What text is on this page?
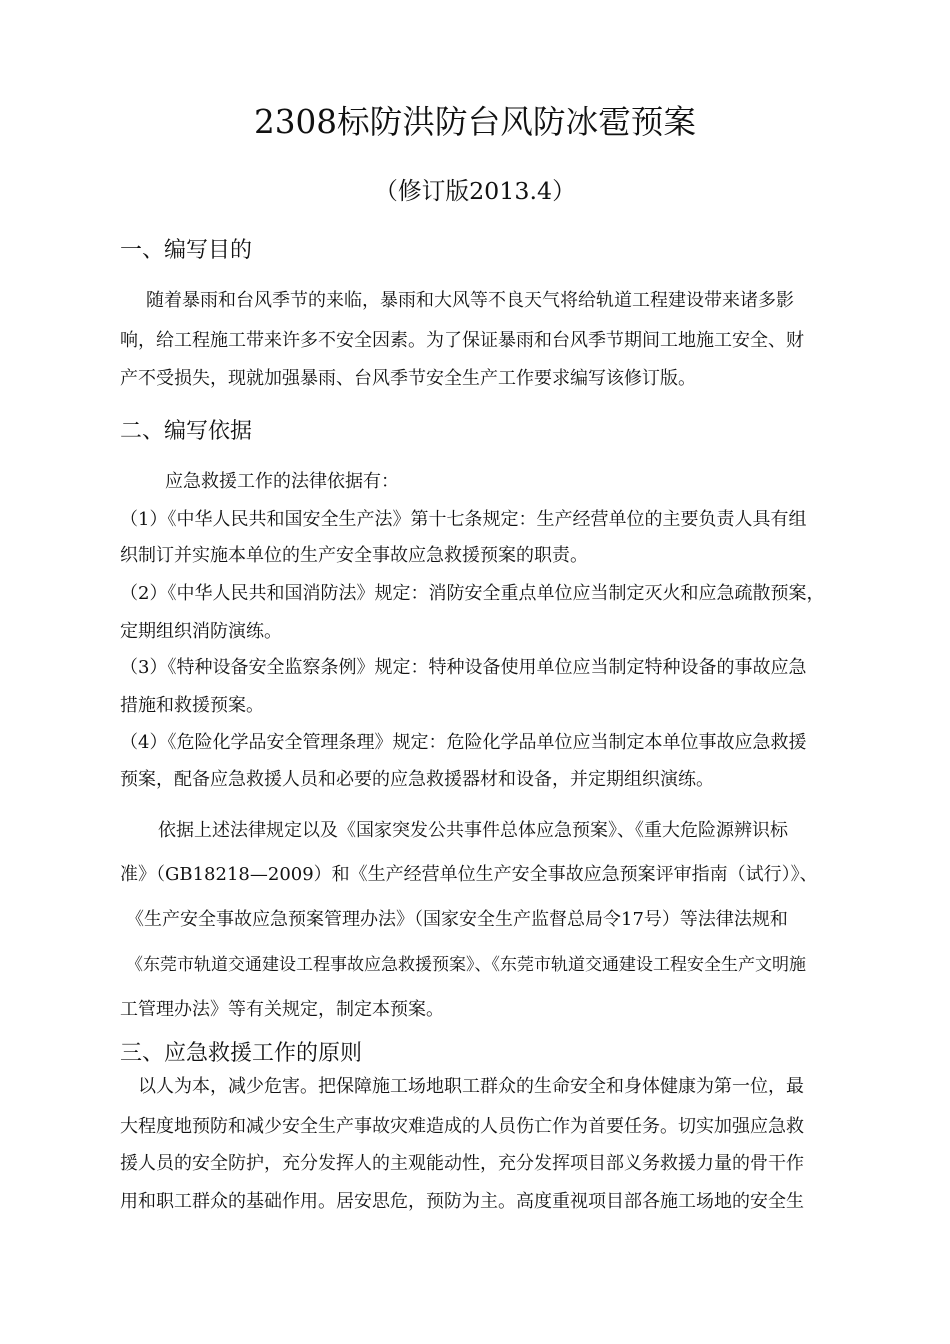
2308标防洪防台风防冰雹预案
（修订版2013.4）
一、编写目的
随着暴雨和台风季节的来临，暴雨和大风等不良天气将给轨道工程建设带来诸多影
响，给工程施工带来许多不安全因素。为了保证暴雨和台风季节期间工地施工安全、财
产不受损失，现就加强暴雨、台风季节安全生产工作要求编写该修订版。
二、编写依据
应急救援工作的法律依据有：
（1）《中华人民共和国安全生产法》第十七条规定：生产经营单位的主要负责人具有组
织制订并实施本单位的生产安全事故应急救援预案的职责。
（2）《中华人民共和国消防法》规定：消防安全重点单位应当制定灭火和应急疏散预案，
定期组织消防演练。
（3）《特种设备安全监察条例》规定：特种设备使用单位应当制定特种设备的事故应急
措施和救援预案。
（4）《危险化学品安全管理条理》规定：危险化学品单位应当制定本单位事故应急救援
预案，配备应急救援人员和必要的应急救援器材和设备，并定期组织演练。
依据上述法律规定以及《国家突发公共事件总体应急预案》、《重大危险源辨识标
准》（GB18218—2009）和《生产经营单位生产安全事故应急预案评审指南（试行）》、
《生产安全事故应急预案管理办法》（国家安全生产监督总局令17号）等法律法规和
《东莞市轨道交通建设工程事故应急救援预案》、《东莞市轨道交通建设工程安全生产文明施
工管理办法》等有关规定，制定本预案。
三、应急救援工作的原则
以人为本，减少危害。把保障施工场地职工群众的生命安全和身体健康为第一位，最
大程度地预防和减少安全生产事故灾难造成的人员伤亡作为首要任务。切实加强应急救
援人员的安全防护，充分发挥人的主观能动性，充分发挥项目部义务救援力量的骨干作
用和职工群众的基础作用。居安思危，预防为主。高度重视项目部各施工场地的安全生
